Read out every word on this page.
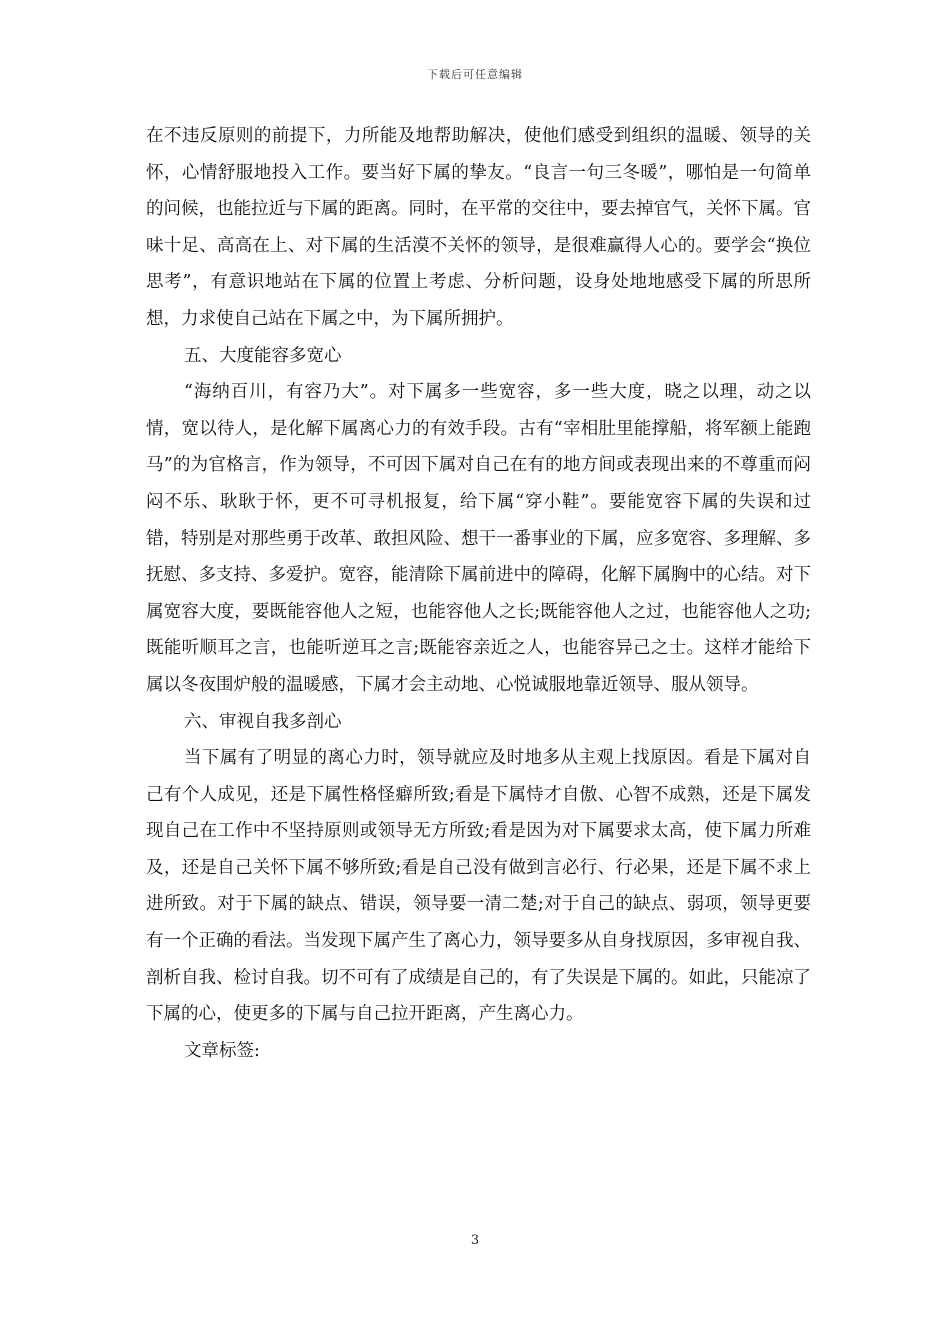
下载后可任意编辑

在不违反原则的前提下，力所能及地帮助解决，使他们感受到组织的温暖、领导的关怀，心情舒服地投入工作。要当好下属的挚友。“良言一句三冬暖”，哪怕是一句简单的问候，也能拉近与下属的距离。同时，在平常的交往中，要去掉官气，关怀下属。官味十足、高高在上、对下属的生活漠不关怀的领导，是很难赢得人心的。要学会“换位思考”，有意识地站在下属的位置上考虑、分析问题，设身处地地感受下属的所思所想，力求使自己站在下属之中，为下属所拥护。

五、大度能容多宽心

“海纳百川，有容乃大”。对下属多一些宽容，多一些大度，晓之以理，动之以情，宽以待人，是化解下属离心力的有效手段。古有“宰相肚里能撑船，将军额上能跑马”的为官格言，作为领导，不可因下属对自己在有的地方间或表现出来的不尊重而闷闷不乐、耿耿于怀，更不可寻机报复，给下属“穿小鞋”。要能宽容下属的失误和过错，特别是对那些勇于改革、敢担风险、想干一番事业的下属，应多宽容、多理解、多抚慰、多支持、多爱护。宽容，能清除下属前进中的障碍，化解下属胸中的心结。对下属宽容大度，要既能容他人之短，也能容他人之长;既能容他人之过，也能容他人之功;既能听顺耳之言，也能听逆耳之言;既能容亲近之人，也能容异己之士。这样才能给下属以冬夜围炉般的温暖感，下属才会主动地、心悦诚服地靠近领导、服从领导。

六、审视自我多剖心

当下属有了明显的离心力时，领导就应及时地多从主观上找原因。看是下属对自己有个人成见，还是下属性格怪癖所致;看是下属恃才自傲、心智不成熟，还是下属发现自己在工作中不坚持原则或领导无方所致;看是因为对下属要求太高，使下属力所难及，还是自己关怀下属不够所致;看是自己没有做到言必行、行必果，还是下属不求上进所致。对于下属的缺点、错误，领导要一清二楚;对于自己的缺点、弱项，领导更要有一个正确的看法。当发现下属产生了离心力，领导要多从自身找原因，多审视自我、剖析自我、检讨自我。切不可有了成绩是自己的，有了失误是下属的。如此，只能凉了下属的心，使更多的下属与自己拉开距离，产生离心力。

文章标签:

3
